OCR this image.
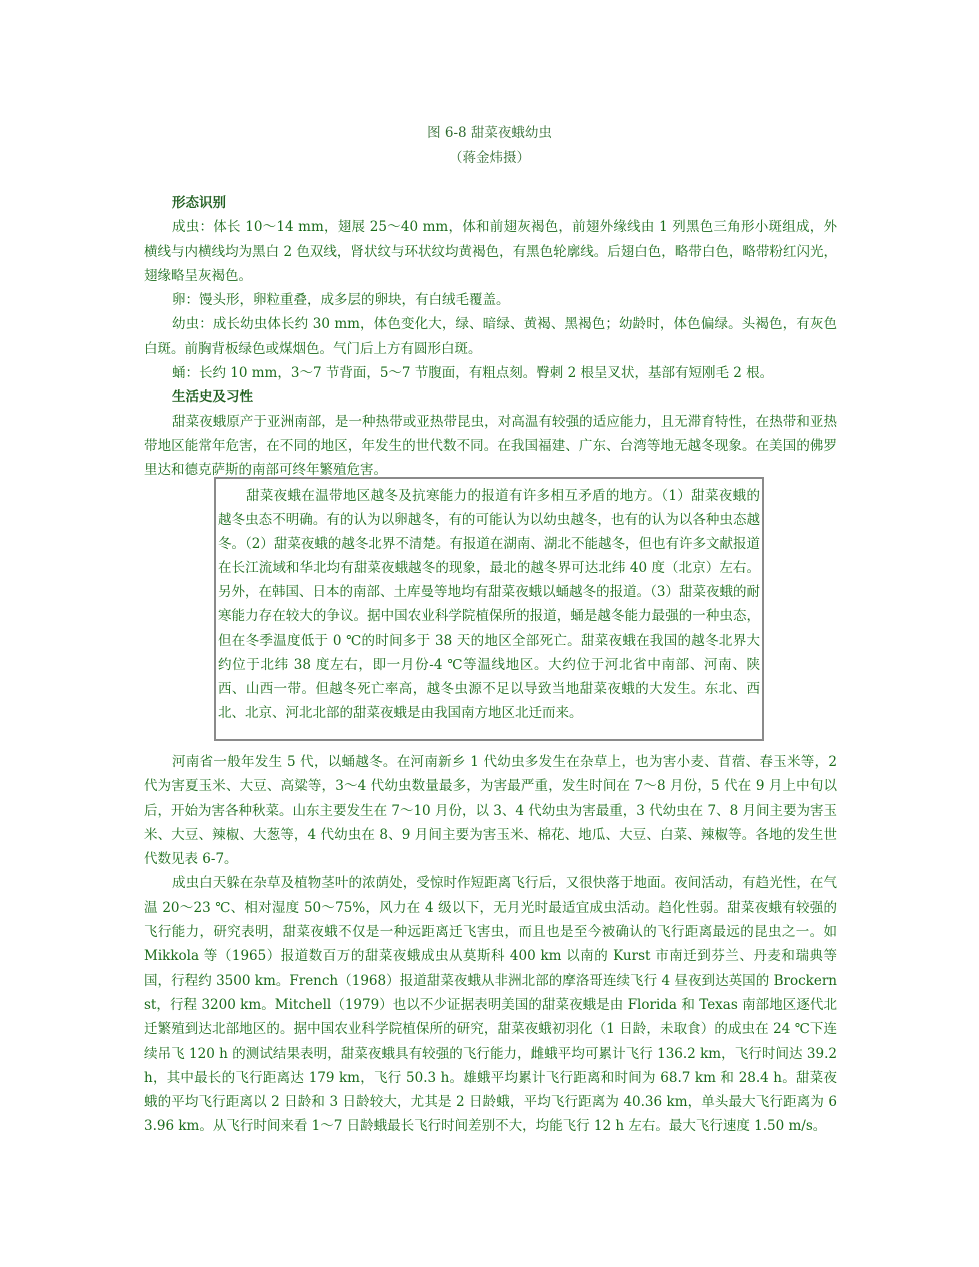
图 6-8 甜菜夜蛾幼虫
（蒋金炜摄）

形态识别

成虫：体长 10～14 mm，翅展 25～40 mm，体和前翅灰褐色，前翅外缘线由 1 列黑色三角形小斑组成，外横线与内横线均为黑白 2 色双线，肾状纹与环状纹均黄褐色，有黑色轮廓线。后翅白色，略带白色，略带粉红闪光，翅缘略呈灰褐色。

卵：馒头形，卵粒重叠，成多层的卵块，有白绒毛覆盖。

幼虫：成长幼虫体长约 30 mm，体色变化大，绿、暗绿、黄褐、黑褐色；幼龄时，体色偏绿。头褐色，有灰色白斑。前胸背板绿色或煤烟色。气门后上方有圆形白斑。

蛹：长约 10 mm，3～7 节背面，5～7 节腹面，有粗点刻。臀刺 2 根呈叉状，基部有短刚毛 2 根。

生活史及习性

甜菜夜蛾原产于亚洲南部，是一种热带或亚热带昆虫，对高温有较强的适应能力，且无滞育特性，在热带和亚热带地区能常年危害，在不同的地区，年发生的世代数不同。在我国福建、广东、台湾等地无越冬现象。在美国的佛罗里达和德克萨斯的南部可终年繁殖危害。

甜菜夜蛾在温带地区越冬及抗寒能力的报道有许多相互矛盾的地方。（1）甜菜夜蛾的越冬虫态不明确。有的认为以卵越冬，有的可能认为以幼虫越冬，也有的认为以各种虫态越冬。（2）甜菜夜蛾的越冬北界不清楚。有报道在湖南、湖北不能越冬，但也有许多文献报道在长江流域和华北均有甜菜夜蛾越冬的现象，最北的越冬界可达北纬 40 度（北京）左右。另外，在韩国、日本的南部、土库曼等地均有甜菜夜蛾以蛹越冬的报道。（3）甜菜夜蛾的耐寒能力存在较大的争议。据中国农业科学院植保所的报道，蛹是越冬能力最强的一种虫态，但在冬季温度低于 0 ℃的时间多于 38 天的地区全部死亡。甜菜夜蛾在我国的越冬北界大约位于北纬 38 度左右，即一月份-4 ℃等温线地区。大约位于河北省中南部、河南、陕西、山西一带。但越冬死亡率高，越冬虫源不足以导致当地甜菜夜蛾的大发生。东北、西北、北京、河北北部的甜菜夜蛾是由我国南方地区北迁而来。

河南省一般年发生 5 代，以蛹越冬。在河南新乡 1 代幼虫多发生在杂草上，也为害小麦、苜蓿、春玉米等，2 代为害夏玉米、大豆、高粱等，3～4 代幼虫数量最多，为害最严重，发生时间在 7～8 月份，5 代在 9 月上中旬以后，开始为害各种秋菜。山东主要发生在 7～10 月份，以 3、4 代幼虫为害最重，3 代幼虫在 7、8 月间主要为害玉米、大豆、辣椒、大葱等，4 代幼虫在 8、9 月间主要为害玉米、棉花、地瓜、大豆、白菜、辣椒等。各地的发生世代数见表 6-7。

成虫白天躲在杂草及植物茎叶的浓荫处，受惊时作短距离飞行后，又很快落于地面。夜间活动，有趋光性，在气温 20～23 ℃、相对湿度 50～75%，风力在 4 级以下，无月光时最适宜成虫活动。趋化性弱。甜菜夜蛾有较强的飞行能力，研究表明，甜菜夜蛾不仅是一种远距离迁飞害虫，而且也是至今被确认的飞行距离最远的昆虫之一。如 Mikkola 等（1965）报道数百万的甜菜夜蛾成虫从莫斯科 400 km 以南的 Kurst 市南迁到芬兰、丹麦和瑞典等国，行程约 3500 km。French（1968）报道甜菜夜蛾从非洲北部的摩洛哥连续飞行 4 昼夜到达英国的 Brockernst，行程 3200 km。Mitchell（1979）也以不少证据表明美国的甜菜夜蛾是由 Florida 和 Texas 南部地区逐代北迁繁殖到达北部地区的。据中国农业科学院植保所的研究，甜菜夜蛾初羽化（1 日龄，未取食）的成虫在 24 ℃下连续吊飞 120 h 的测试结果表明，甜菜夜蛾具有较强的飞行能力，雌蛾平均可累计飞行 136.2 km，飞行时间达 39.2 h，其中最长的飞行距离达 179 km，飞行 50.3 h。雄蛾平均累计飞行距离和时间为 68.7 km 和 28.4 h。甜菜夜蛾的平均飞行距离以 2 日龄和 3 日龄较大，尤其是 2 日龄蛾，平均飞行距离为 40.36 km，单头最大飞行距离为 63.96 km。从飞行时间来看 1～7 日龄蛾最长飞行时间差别不大，均能飞行 12 h 左右。最大飞行速度 1.50 m/s。
